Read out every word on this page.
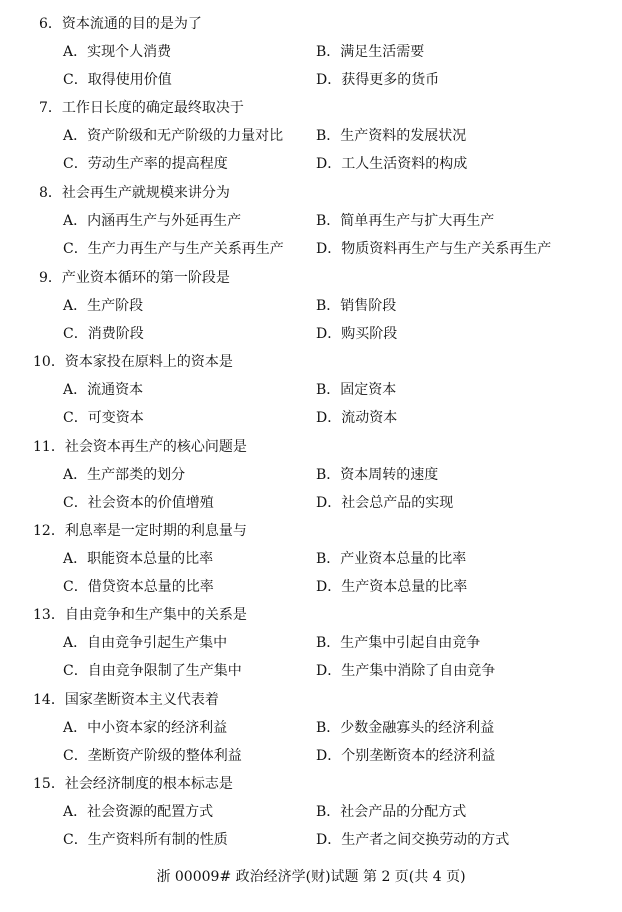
6．资本流通的目的是为了
A．实现个人消费	B．满足生活需要
C．取得使用价值	D．获得更多的货币
7．工作日长度的确定最终取决于
A．资产阶级和无产阶级的力量对比 B．生产资料的发展状况
C．劳动生产率的提高程度	D．工人生活资料的构成
8．社会再生产就规模来讲分为
A．内涵再生产与外延再生产	B．简单再生产与扩大再生产
C．生产力再生产与生产关系再生产 D．物质资料再生产与生产关系再生产
9．产业资本循环的第一阶段是
A．生产阶段	B．销售阶段
C．消费阶段	D．购买阶段
10．资本家投在原料上的资本是
A．流通资本	B．固定资本
C．可变资本	D．流动资本
11．社会资本再生产的核心问题是
A．生产部类的划分	B．资本周转的速度
C．社会资本的价值增殖	D．社会总产品的实现
12．利息率是一定时期的利息量与
A．职能资本总量的比率	B．产业资本总量的比率
C．借贷资本总量的比率	D．生产资本总量的比率
13．自由竞争和生产集中的关系是
A．自由竞争引起生产集中	B．生产集中引起自由竞争
C．自由竞争限制了生产集中	D．生产集中消除了自由竞争
14．国家垄断资本主义代表着
A．中小资本家的经济利益	B．少数金融寡头的经济利益
C．垄断资产阶级的整体利益	D．个别垄断资本的经济利益
15．社会经济制度的根本标志是
A．社会资源的配置方式	B．社会产品的分配方式
C．生产资料所有制的性质	D．生产者之间交换劳动的方式
浙 00009# 政治经济学(财)试题 第 2 页(共 4 页)
